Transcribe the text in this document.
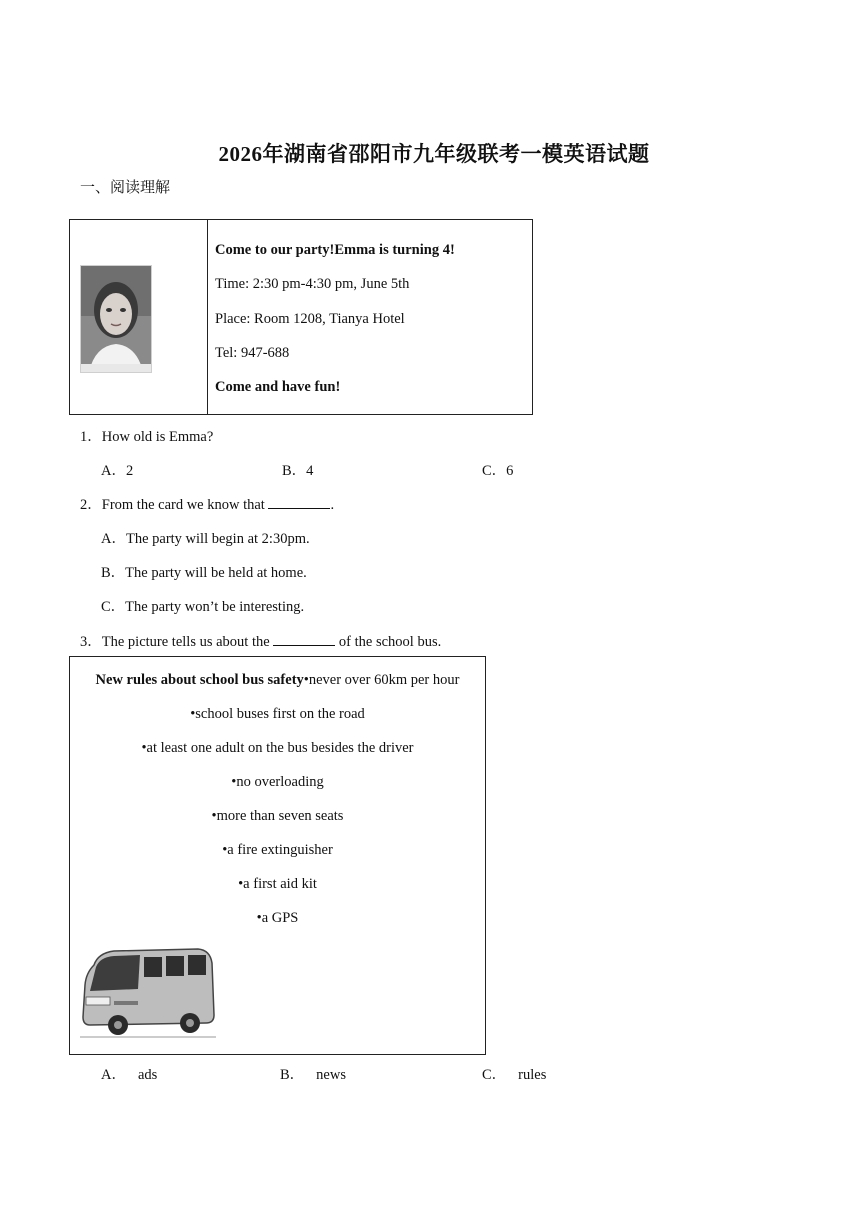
2026年湖南省邵阳市九年级联考一模英语试题
一、阅读理解
Come to our party!Emma is turning 4!
Time: 2:30 pm-4:30 pm, June 5th
Place: Room 1208, Tianya Hotel
Tel: 947-688
Come and have fun!
1．How old is Emma?
A．2	B．4	C．6
2．From the card we know that	.
A．The party will begin at 2:30pm.
B．The party will be held at home.
C．The party won’t be interesting.
3．The picture tells us about the	of the school bus.
New rules about school bus safety•never over 60km per hour
•school buses first on the road
•at least one adult on the bus besides the driver
•no overloading
•more than seven seats
•a fire extinguisher
•a first aid kit
•a GPS
A． ads	B． news	C． rules
